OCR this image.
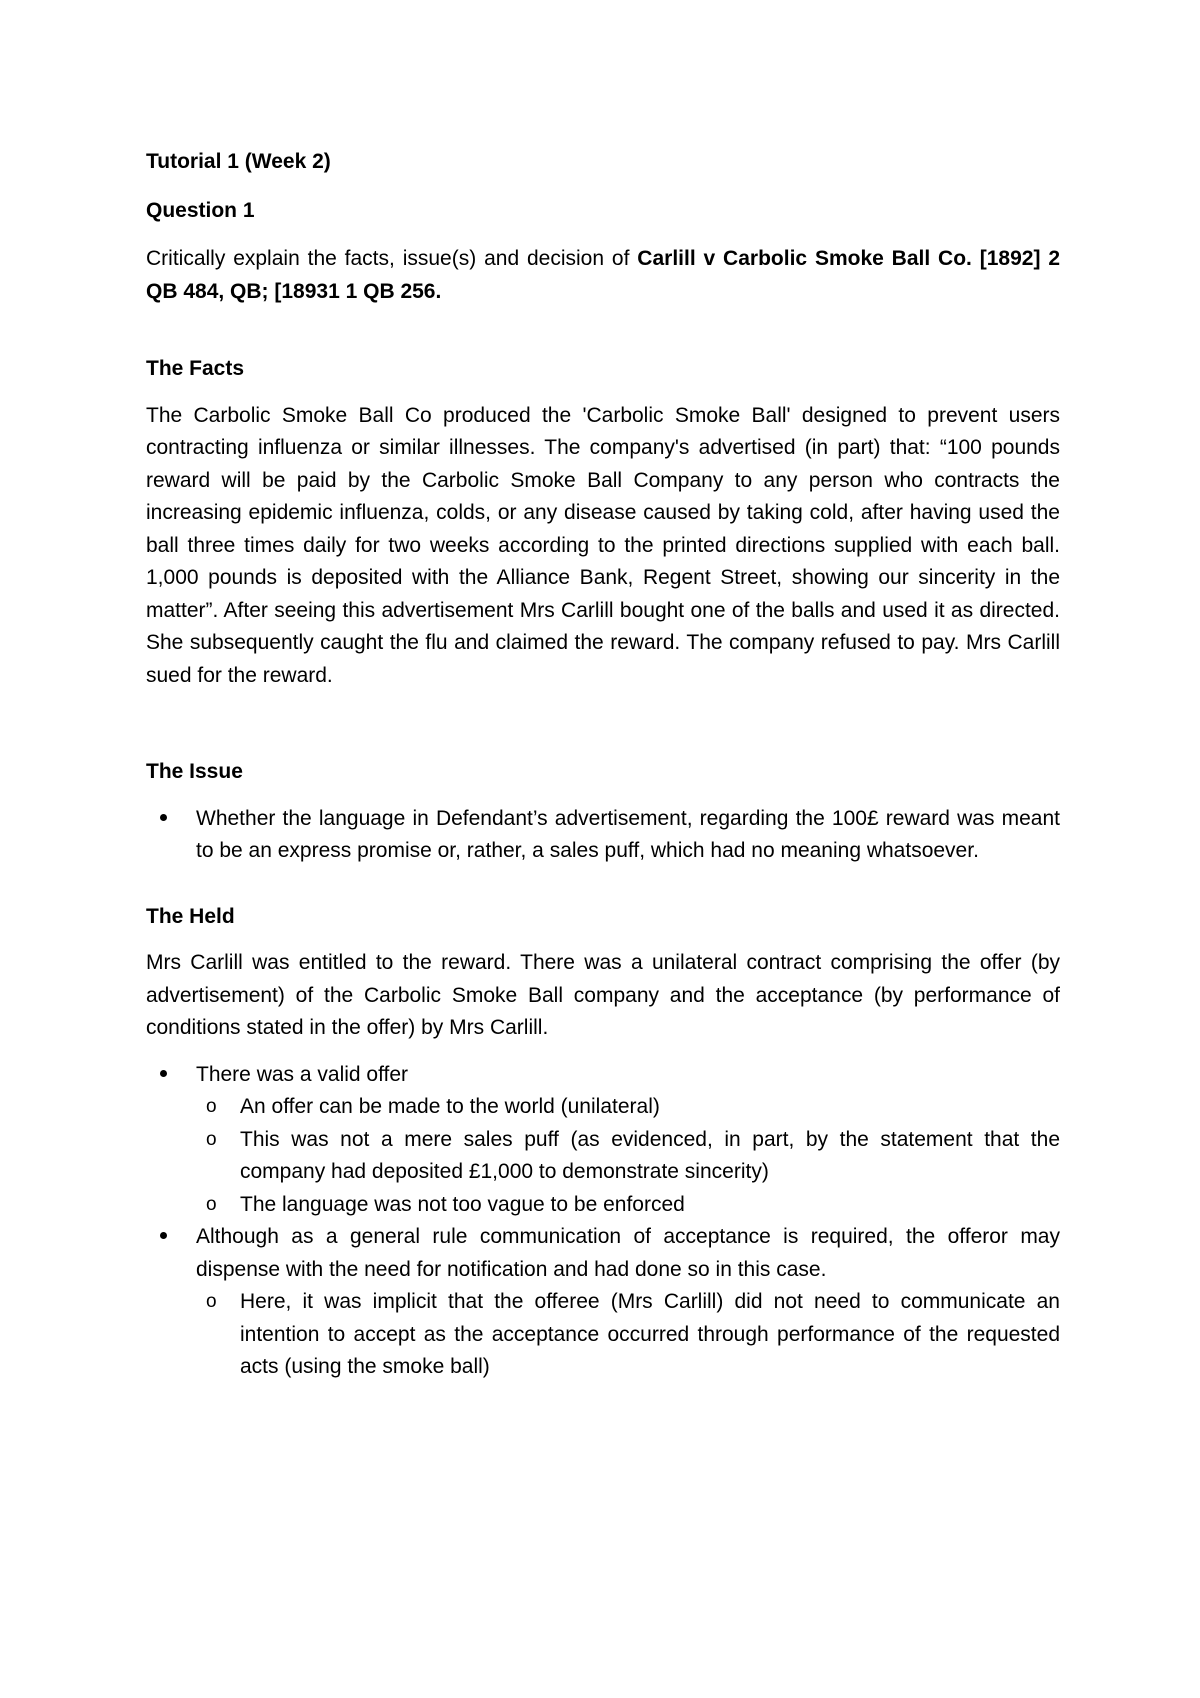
Tutorial 1 (Week 2)

Question 1

Critically explain the facts, issue(s) and decision of Carlill v Carbolic Smoke Ball Co. [1892] 2 QB 484, QB; [18931 1 QB 256.

The Facts

The Carbolic Smoke Ball Co produced the 'Carbolic Smoke Ball' designed to prevent users contracting influenza or similar illnesses. The company's advertised (in part) that: “100 pounds reward will be paid by the Carbolic Smoke Ball Company to any person who contracts the increasing epidemic influenza, colds, or any disease caused by taking cold, after having used the ball three times daily for two weeks according to the printed directions supplied with each ball. 1,000 pounds is deposited with the Alliance Bank, Regent Street, showing our sincerity in the matter”. After seeing this advertisement Mrs Carlill bought one of the balls and used it as directed. She subsequently caught the flu and claimed the reward. The company refused to pay. Mrs Carlill sued for the reward.

The Issue

Whether the language in Defendant’s advertisement, regarding the 100£ reward was meant to be an express promise or, rather, a sales puff, which had no meaning whatsoever.

The Held

Mrs Carlill was entitled to the reward. There was a unilateral contract comprising the offer (by advertisement) of the Carbolic Smoke Ball company and the acceptance (by performance of conditions stated in the offer) by Mrs Carlill.

There was a valid offer

o An offer can be made to the world (unilateral)

o This was not a mere sales puff (as evidenced, in part, by the statement that the company had deposited £1,000 to demonstrate sincerity)

o The language was not too vague to be enforced

Although as a general rule communication of acceptance is required, the offeror may dispense with the need for notification and had done so in this case.

o Here, it was implicit that the offeree (Mrs Carlill) did not need to communicate an intention to accept as the acceptance occurred through performance of the requested acts (using the smoke ball)
